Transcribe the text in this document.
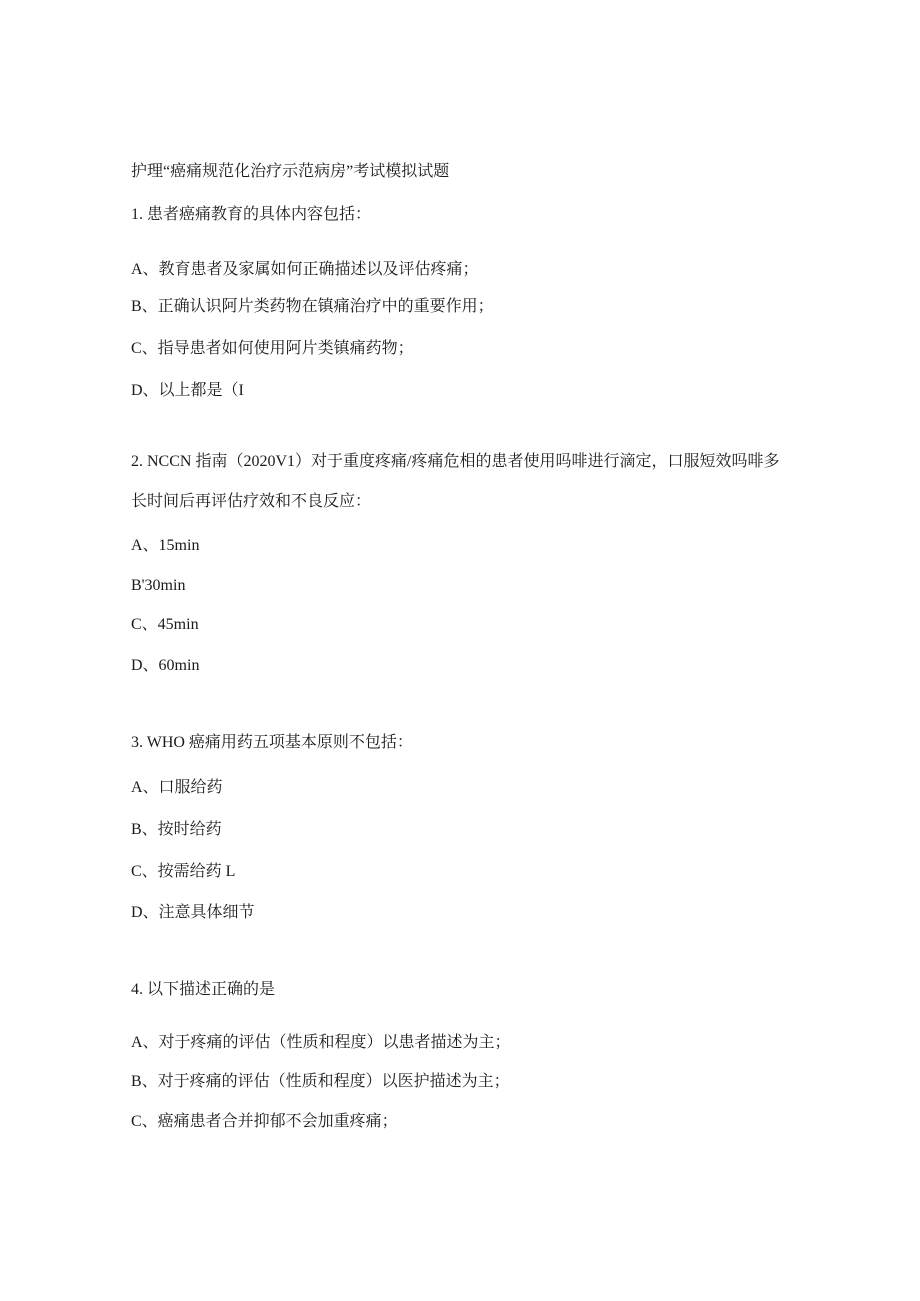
护理“癌痛规范化治疗示范病房”考试模拟试题
1. 患者癌痛教育的具体内容包括：
A、教育患者及家属如何正确描述以及评估疼痛；
B、正确认识阿片类药物在镇痛治疗中的重要作用；
C、指导患者如何使用阿片类镇痛药物；
D、以上都是（I
2. NCCN 指南（2020V1）对于重度疼痛/疼痛危相的患者使用吗啡进行滴定，口服短效吗啡多长时间后再评估疗效和不良反应：
A、15min
B'30min
C、45min
D、60min
3. WHO 癌痛用药五项基本原则不包括：
A、口服给药
B、按时给药
C、按需给药 L
D、注意具体细节
4. 以下描述正确的是
A、对于疼痛的评估（性质和程度）以患者描述为主；
B、对于疼痛的评估（性质和程度）以医护描述为主；
C、癌痛患者合并抑郁不会加重疼痛；
